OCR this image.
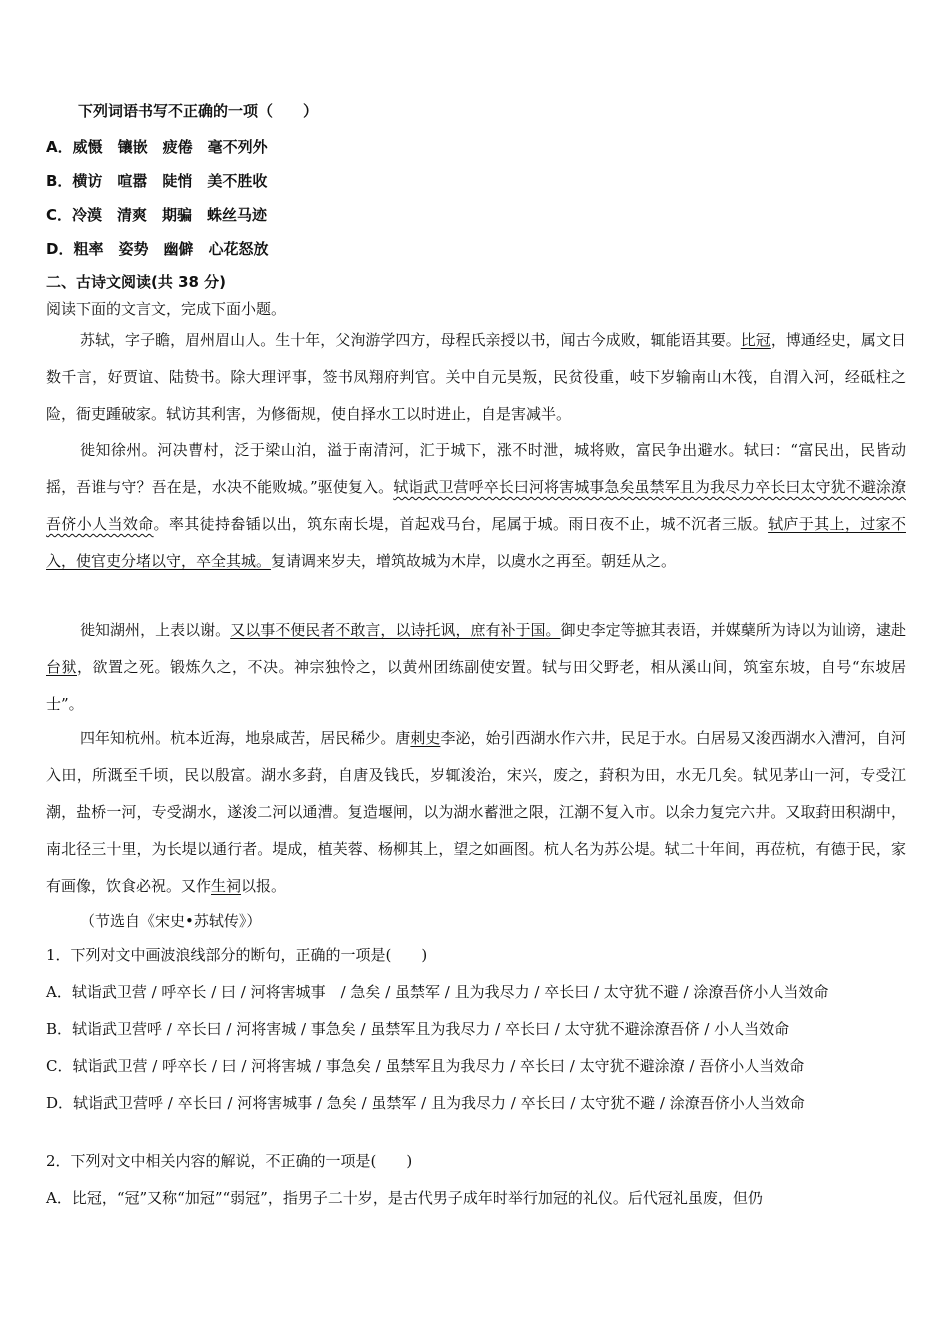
下列词语书写不正确的一项（　　）
A．威慑　镶嵌　疲倦　毫不列外
B．横访　喧嚣　陡悄　美不胜收
C．冷漠　清爽　期骗　蛛丝马迹
D．粗率　姿势　幽僻　心花怒放
二、古诗文阅读(共 38 分)
阅读下面的文言文，完成下面小题。

苏轼，字子瞻，眉州眉山人。生十年，父洵游学四方，母程氏亲授以书，闻古今成败，辄能语其要。比冠，博通经史，属文日数千言，好贾谊、陆贽书。除大理评事，签书凤翔府判官。关中自元昊叛，民贫役重，岐下岁输南山木筏，自渭入河，经砥柱之险，衙吏踵破家。轼访其利害，为修衙规，使自择水工以时进止，自是害减半。

徙知徐州。河决曹村，泛于梁山泊，溢于南清河，汇于城下，涨不时泄，城将败，富民争出避水。轼曰：“富民出，民皆动摇，吾谁与守？吾在是，水决不能败城。”驱使复入。轼诣武卫营呼卒长曰河将害城事急矣虽禁军且为我尽力卒长曰太守犹不避涂潦吾侪小人当效命。率其徒持畚锸以出，筑东南长堤，首起戏马台，尾属于城。雨日夜不止，城不沉者三版。轼庐于其上，过家不入，使官吏分堵以守，卒全其城。复请调来岁夫，增筑故城为木岸，以虞水之再至。朝廷从之。

徙知湖州，上表以谢。又以事不便民者不敢言，以诗托讽，庶有补于国。御史李定等摭其表语，并媒蘖所为诗以为讪谤，逮赴台狱，欲置之死。锻炼久之，不决。神宗独怜之，以黄州团练副使安置。轼与田父野老，相从溪山间，筑室东坡，自号“东坡居士”。

四年知杭州。杭本近海，地泉咸苦，居民稀少。唐刺史李泌，始引西湖水作六井，民足于水。白居易又浚西湖水入漕河，自河入田，所溉至千顷，民以殷富。湖水多葑，自唐及钱氏，岁辄浚治，宋兴，废之，葑积为田，水无几矣。轼见茅山一河，专受江潮，盐桥一河，专受湖水，遂浚二河以通漕。复造堰闸，以为湖水蓄泄之限，江潮不复入市。以余力复完六井。又取葑田积湖中，南北径三十里，为长堤以通行者。堤成，植芙蓉、杨柳其上，望之如画图。杭人名为苏公堤。轼二十年间，再莅杭，有德于民，家有画像，饮食必祝。又作生祠以报。

（节选自《宋史•苏轼传》）
1．下列对文中画波浪线部分的断句，正确的一项是(　　)
A．轼诣武卫营 / 呼卒长 / 曰 / 河将害城事　/ 急矣 / 虽禁军 / 且为我尽力 / 卒长曰 / 太守犹不避 / 涂潦吾侪小人当效命
B．轼诣武卫营呼 / 卒长曰 / 河将害城 / 事急矣 / 虽禁军且为我尽力 / 卒长曰 / 太守犹不避涂潦吾侪 / 小人当效命
C．轼诣武卫营 / 呼卒长 / 曰 / 河将害城 / 事急矣 / 虽禁军且为我尽力 / 卒长曰 / 太守犹不避涂潦 / 吾侪小人当效命
D．轼诣武卫营呼 / 卒长曰 / 河将害城事 / 急矣 / 虽禁军 / 且为我尽力 / 卒长曰 / 太守犹不避 / 涂潦吾侪小人当效命
2．下列对文中相关内容的解说，不正确的一项是(　　)
A．比冠，“冠”又称“加冠”“弱冠”，指男子二十岁，是古代男子成年时举行加冠的礼仪。后代冠礼虽废，但仍
